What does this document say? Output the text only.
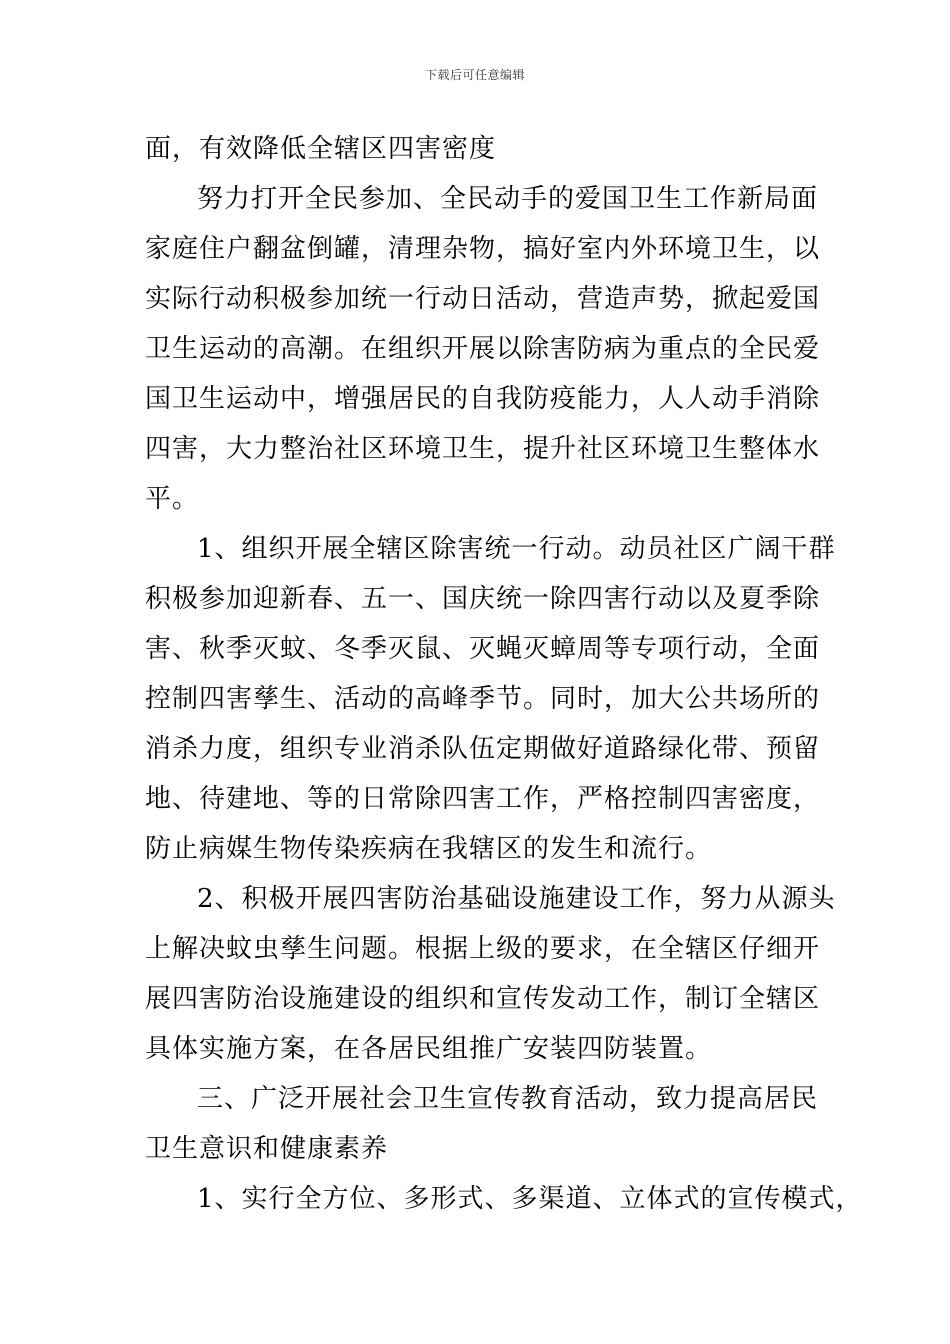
下载后可任意编辑
面，有效降低全辖区四害密度
努力打开全民参加、全民动手的爱国卫生工作新局面
家庭住户翻盆倒罐，清理杂物，搞好室内外环境卫生，以
实际行动积极参加统一行动日活动，营造声势，掀起爱国
卫生运动的高潮。在组织开展以除害防病为重点的全民爱
国卫生运动中，增强居民的自我防疫能力，人人动手消除
四害，大力整治社区环境卫生，提升社区环境卫生整体水
平。
1、组织开展全辖区除害统一行动。动员社区广阔干群
积极参加迎新春、五一、国庆统一除四害行动以及夏季除
害、秋季灭蚊、冬季灭鼠、灭蝇灭蟑周等专项行动，全面
控制四害孳生、活动的高峰季节。同时，加大公共场所的
消杀力度，组织专业消杀队伍定期做好道路绿化带、预留
地、待建地、等的日常除四害工作，严格控制四害密度，
防止病媒生物传染疾病在我辖区的发生和流行。
2、积极开展四害防治基础设施建设工作，努力从源头
上解决蚊虫孳生问题。根据上级的要求，在全辖区仔细开
展四害防治设施建设的组织和宣传发动工作，制订全辖区
具体实施方案，在各居民组推广安装四防装置。
三、广泛开展社会卫生宣传教育活动，致力提高居民
卫生意识和健康素养
1、实行全方位、多形式、多渠道、立体式的宣传模式，
